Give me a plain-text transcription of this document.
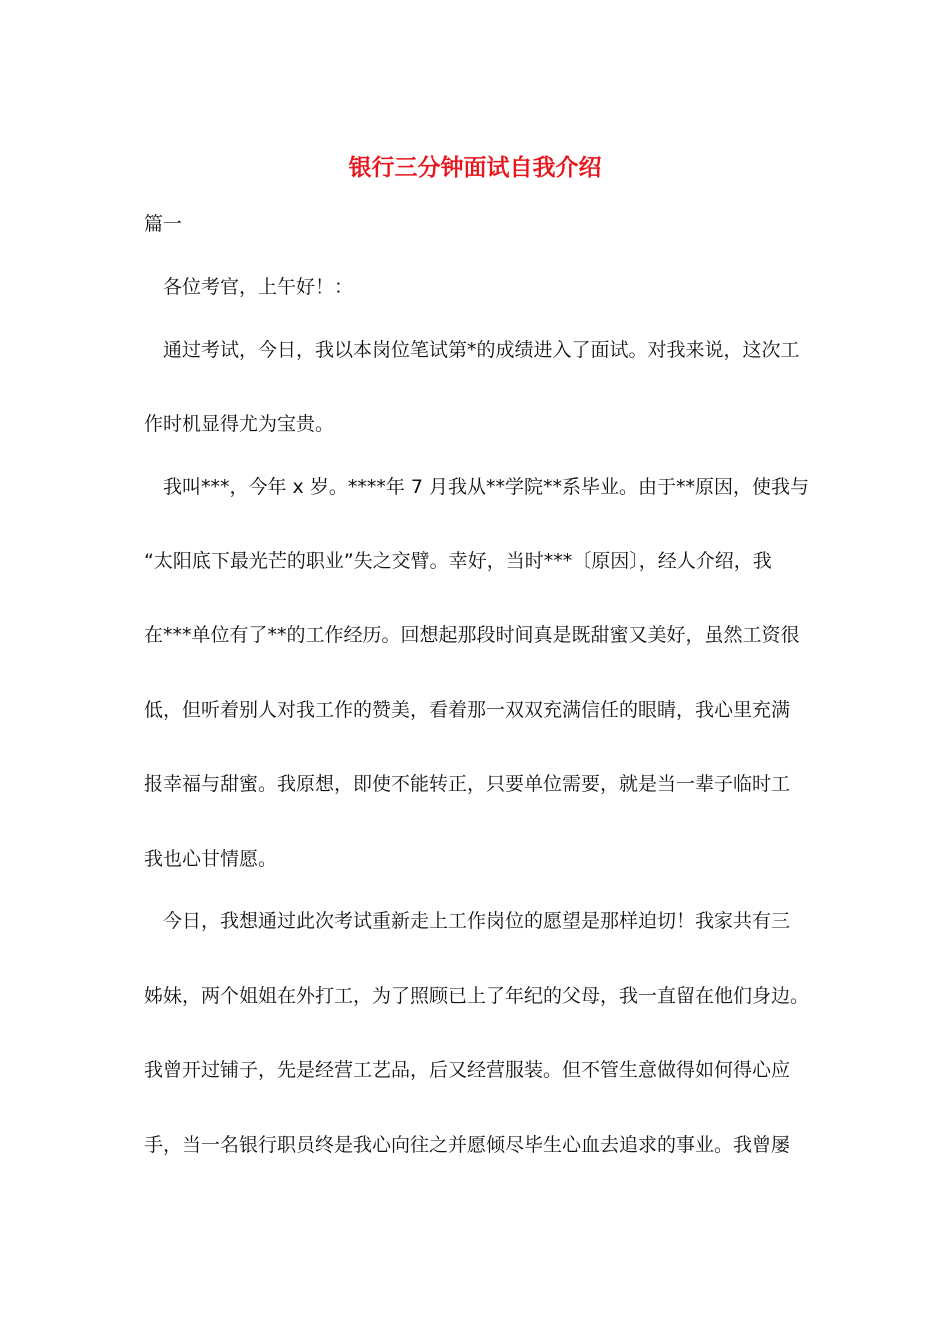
银行三分钟面试自我介绍

篇一

各位考官，上午好！：

通过考试，今日，我以本岗位笔试第*的成绩进入了面试。对我来说，这次工

作时机显得尤为宝贵。

我叫***，今年 x 岁。****年 7 月我从**学院**系毕业。由于**原因，使我与

“太阳底下最光芒的职业”失之交臂。幸好，当时***〔原因〕，经人介绍，我

在***单位有了**的工作经历。回想起那段时间真是既甜蜜又美好，虽然工资很

低，但听着别人对我工作的赞美，看着那一双双充满信任的眼睛，我心里充满

报幸福与甜蜜。我原想，即使不能转正，只要单位需要，就是当一辈子临时工

我也心甘情愿。

今日，我想通过此次考试重新走上工作岗位的愿望是那样迫切！我家共有三

姊妹，两个姐姐在外打工，为了照顾已上了年纪的父母，我一直留在他们身边。

我曾开过铺子，先是经营工艺品，后又经营服装。但不管生意做得如何得心应

手，当一名银行职员终是我心向往之并愿倾尽毕生心血去追求的事业。我曾屡
